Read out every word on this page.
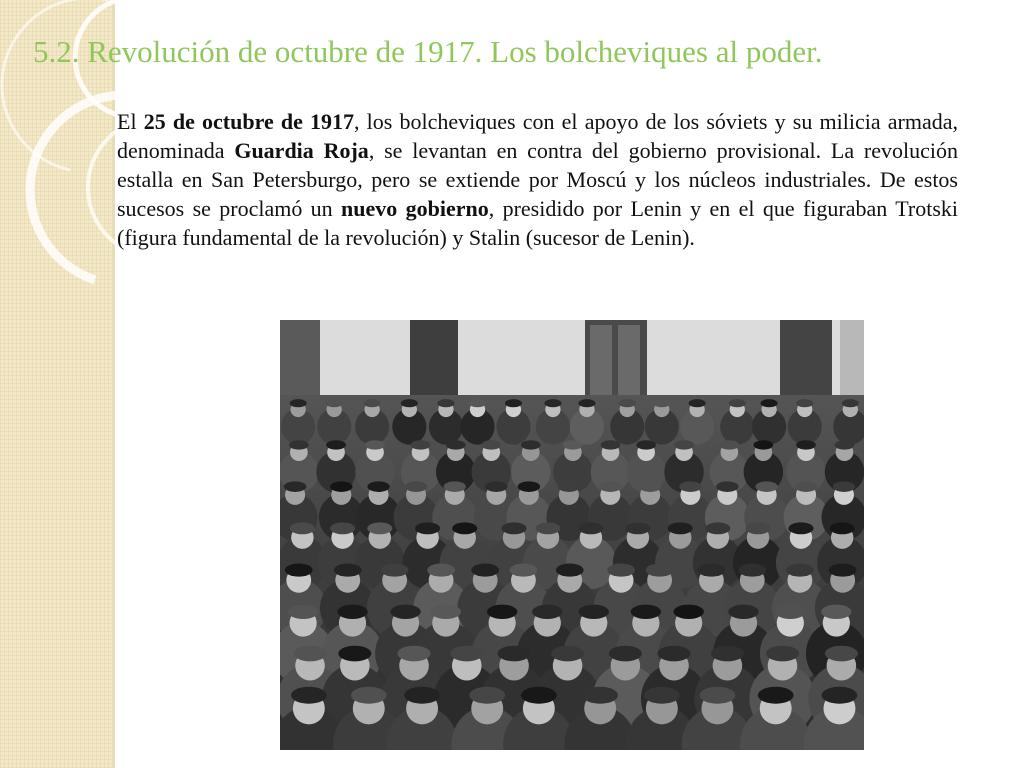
5.2. Revolución de octubre de 1917. Los bolcheviques al poder.

El 25 de octubre de 1917, los bolcheviques con el apoyo de los sóviets y su milicia armada, denominada Guardia Roja, se levantan en contra del gobierno provisional. La revolución estalla en San Petersburgo, pero se extiende por Moscú y los núcleos industriales. De estos sucesos se proclamó un nuevo gobierno, presidido por Lenin y en el que figuraban Trotski (figura fundamental de la revolución) y Stalin (sucesor de Lenin).
